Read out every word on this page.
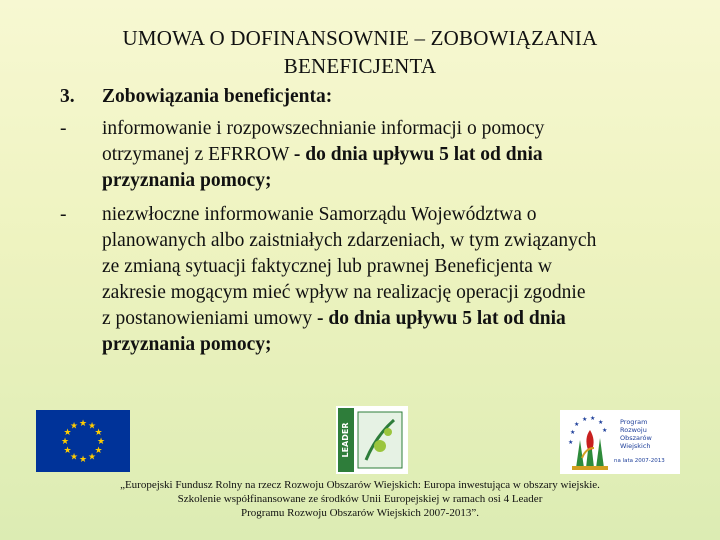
UMOWA O DOFINANSOWNIE – ZOBOWIĄZANIA
BENEFICJENTA
3.	Zobowiązania beneficjenta:
-	informowanie i rozpowszechnianie informacji o pomocy
otrzymanej z EFRROW - do dnia upływu 5 lat od dnia
przyznania pomocy;
-	niezwłoczne informowanie Samorządu Województwa o
planowanych albo zaistniałych zdarzeniach, w tym związanych
ze zmianą sytuacji faktycznej lub prawnej Beneficjenta w
zakresie mogącym mieć wpływ na realizację operacji zgodnie
z postanowieniami umowy - do dnia upływu 5 lat od dnia
przyznania pomocy;
★ ★
★
★
★
★
★
★
★
★
★
★	LEADER	★
★
★ ★
★
★
★
Program
Rozwoju
Obszarów
Wiejskich
na lata 2007-2013
„Europejski Fundusz Rolny na rzecz Rozwoju Obszarów Wiejskich: Europa inwestująca w obszary wiejskie.
Szkolenie współfinansowane ze środków Unii Europejskiej w ramach osi 4 Leader
Programu Rozwoju Obszarów Wiejskich 2007-2013”.
